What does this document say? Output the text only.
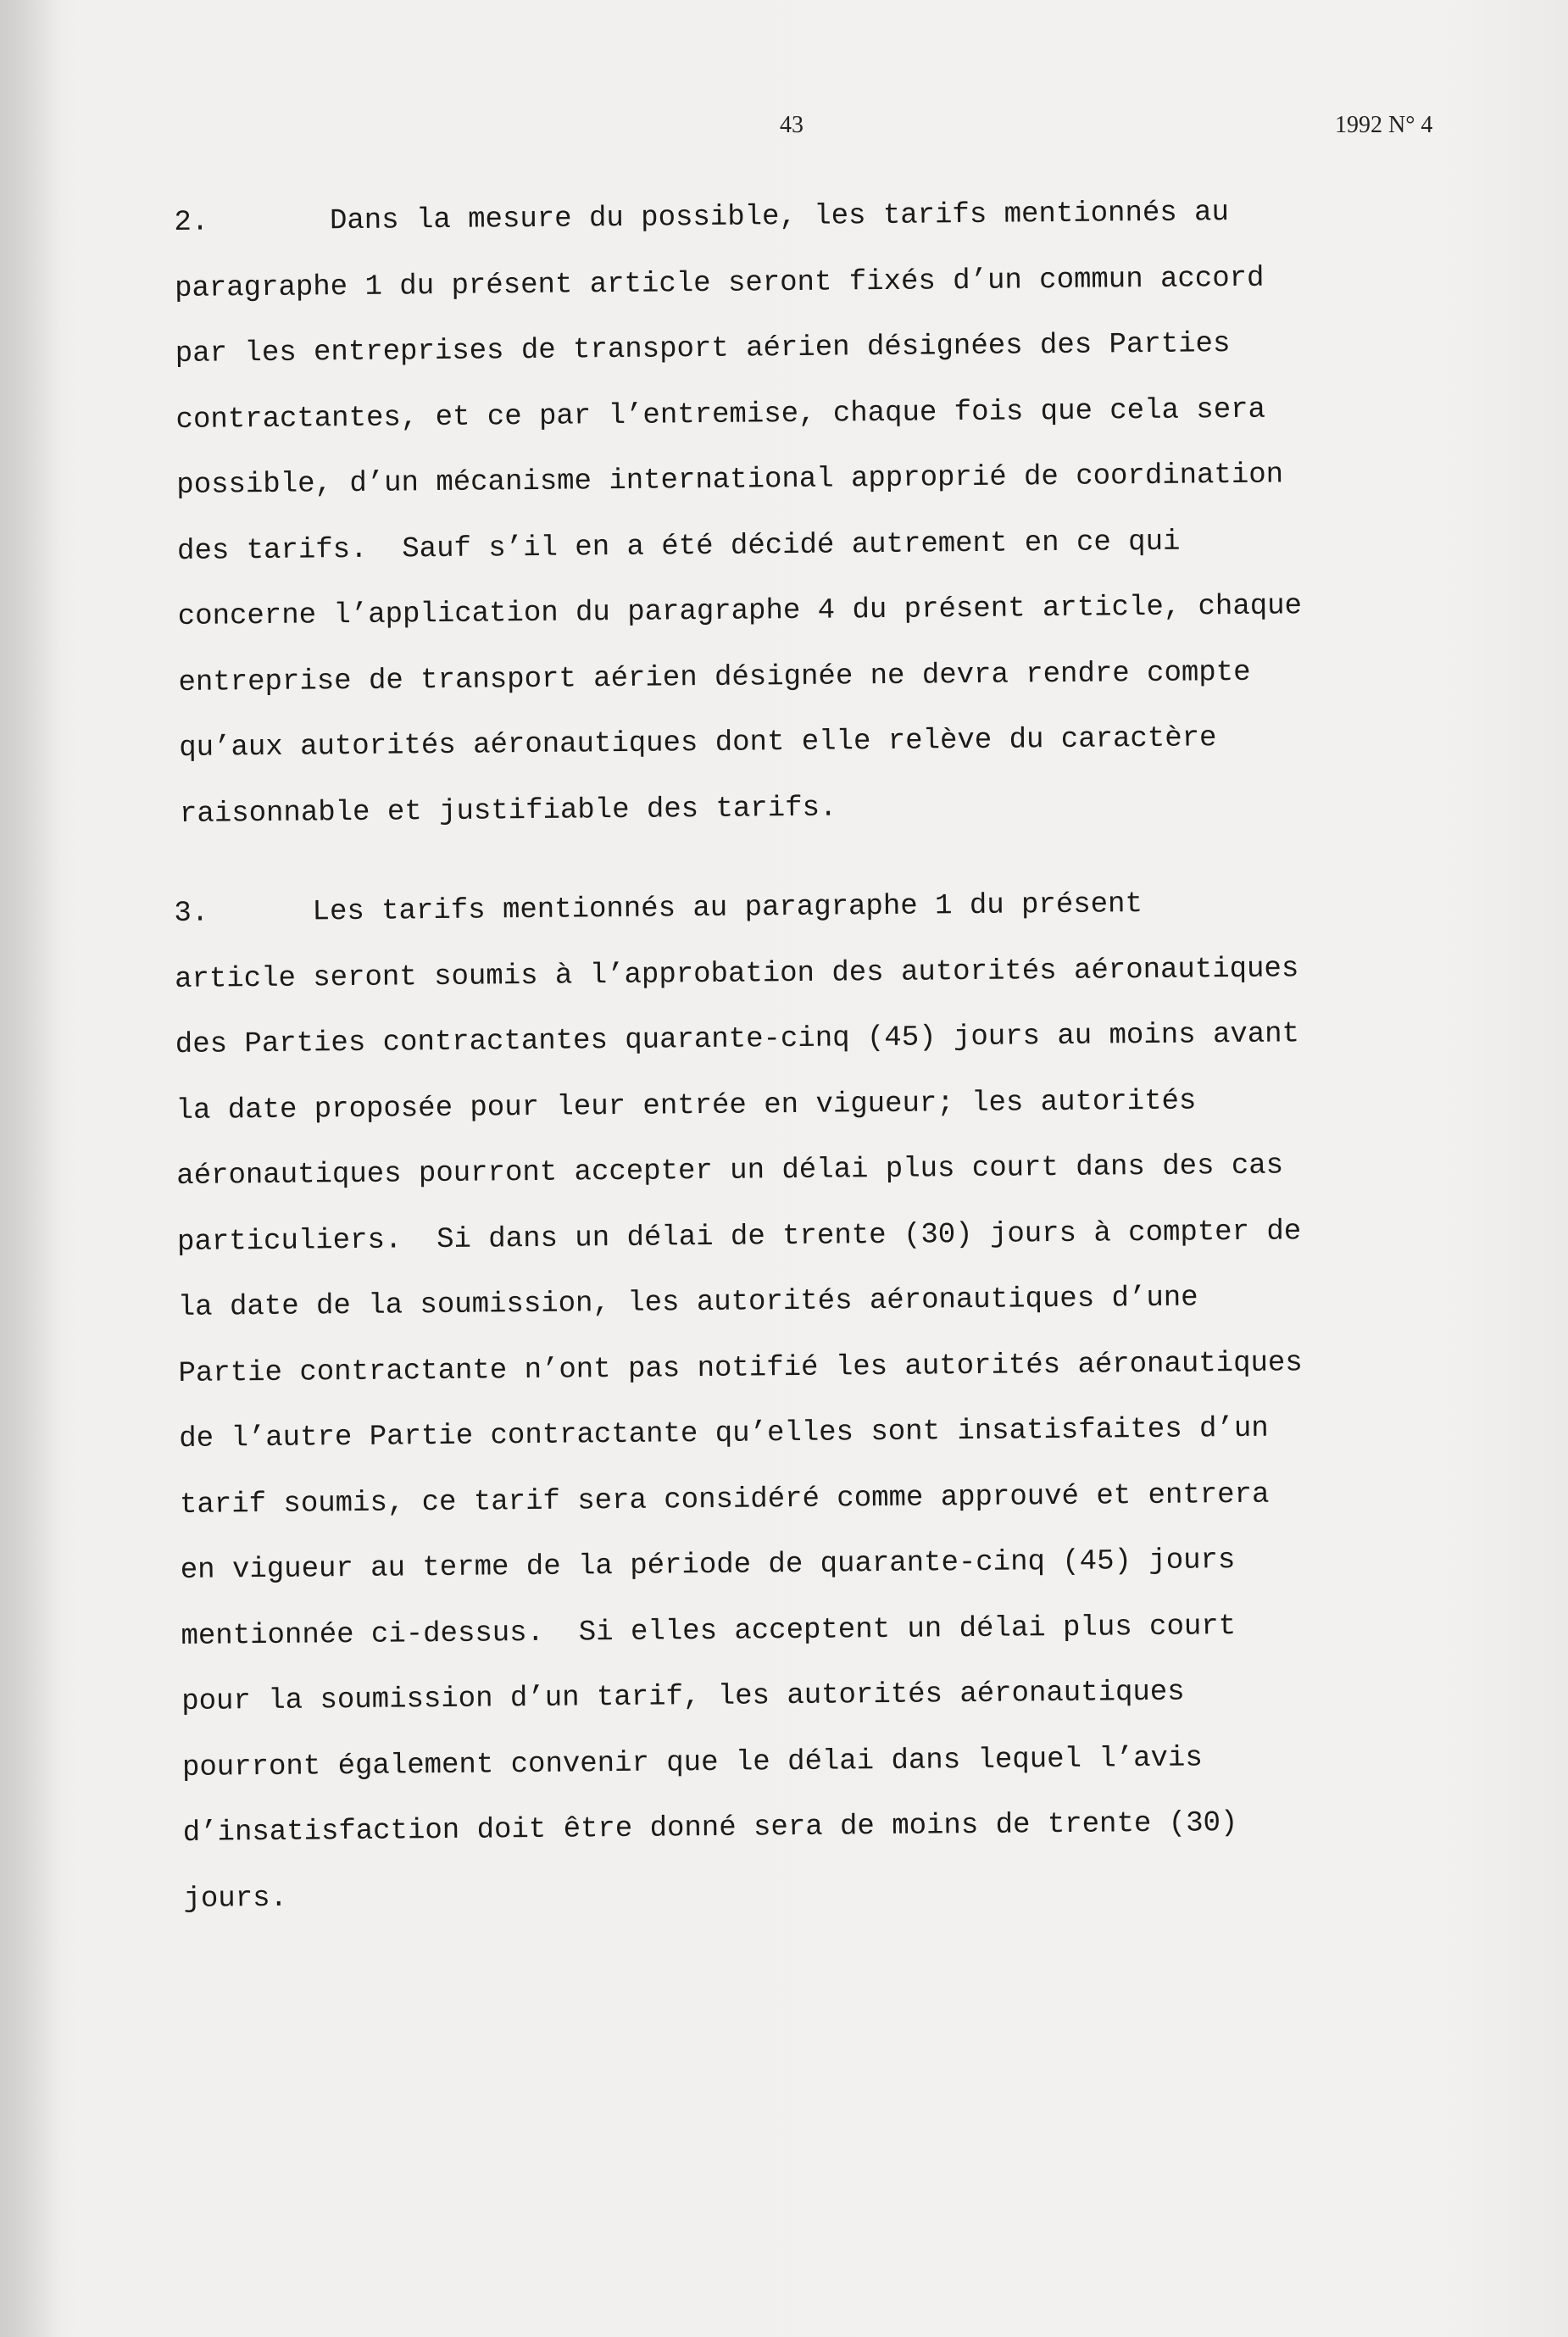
43	1992 N° 4
2.       Dans la mesure du possible, les tarifs mentionnés au
paragraphe 1 du présent article seront fixés d’un commun accord
par les entreprises de transport aérien désignées des Parties
contractantes, et ce par l’entremise, chaque fois que cela sera
possible, d’un mécanisme international approprié de coordination
des tarifs.  Sauf s’il en a été décidé autrement en ce qui
concerne l’application du paragraphe 4 du présent article, chaque
entreprise de transport aérien désignée ne devra rendre compte
qu’aux autorités aéronautiques dont elle relève du caractère
raisonnable et justifiable des tarifs.
3.      Les tarifs mentionnés au paragraphe 1 du présent
article seront soumis à l’approbation des autorités aéronautiques
des Parties contractantes quarante-cinq (45) jours au moins avant
la date proposée pour leur entrée en vigueur; les autorités
aéronautiques pourront accepter un délai plus court dans des cas
particuliers.  Si dans un délai de trente (30) jours à compter de
la date de la soumission, les autorités aéronautiques d’une
Partie contractante n’ont pas notifié les autorités aéronautiques
de l’autre Partie contractante qu’elles sont insatisfaites d’un
tarif soumis, ce tarif sera considéré comme approuvé et entrera
en vigueur au terme de la période de quarante-cinq (45) jours
mentionnée ci-dessus.  Si elles acceptent un délai plus court
pour la soumission d’un tarif, les autorités aéronautiques
pourront également convenir que le délai dans lequel l’avis
d’insatisfaction doit être donné sera de moins de trente (30)
jours.
